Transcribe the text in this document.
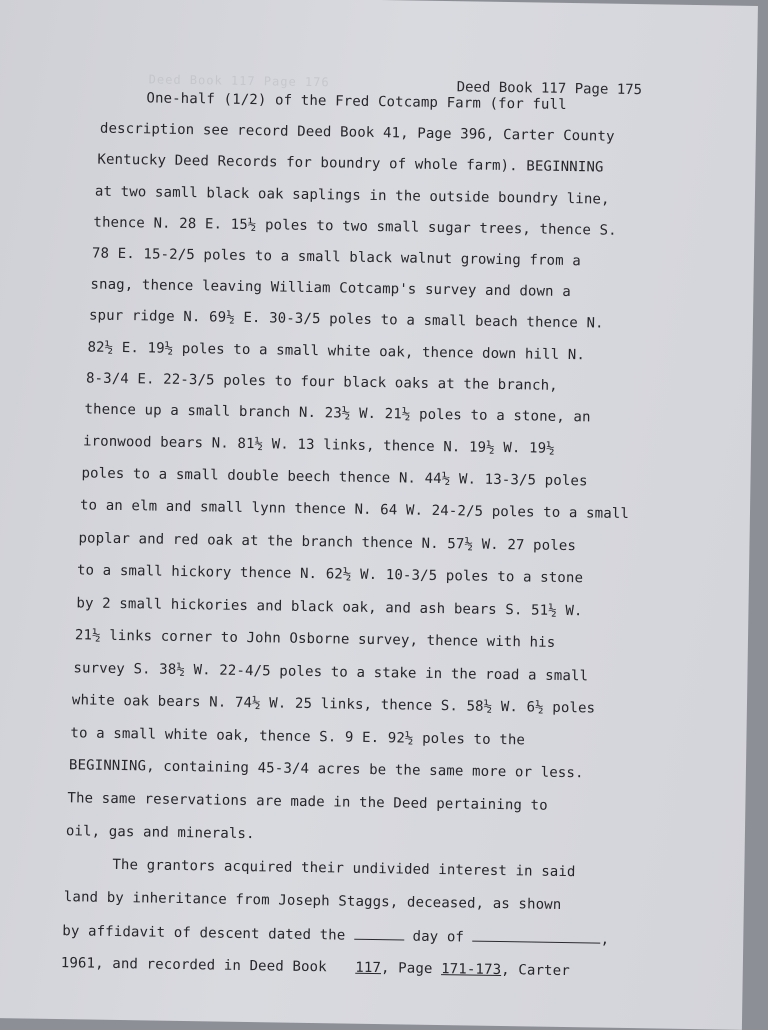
Deed Book 117 Page 176	Deed Book 117 Page 175
One-half (1/2) of the Fred Cotcamp Farm (for full
description see record Deed Book 41, Page 396, Carter County
Kentucky Deed Records for boundry of whole farm). BEGINNING
at two samll black oak saplings in the outside boundry line,
thence N. 28 E. 15½ poles to two small sugar trees, thence S.
78 E. 15-2/5 poles to a small black walnut growing from a
snag, thence leaving William Cotcamp's survey and down a
spur ridge N. 69½ E. 30-3/5 poles to a small beach thence N.
82½ E. 19½ poles to a small white oak, thence down hill N.
8-3/4 E. 22-3/5 poles to four black oaks at the branch,
thence up a small branch N. 23½ W. 21½ poles to a stone, an
ironwood bears N. 81½ W. 13 links, thence N. 19½ W. 19½
poles to a small double beech thence N. 44½ W. 13-3/5 poles
to an elm and small lynn thence N. 64 W. 24-2/5 poles to a small
poplar and red oak at the branch thence N. 57½ W. 27 poles
to a small hickory thence N. 62½ W. 10-3/5 poles to a stone
by 2 small hickories and black oak, and ash bears S. 51½ W.
21½ links corner to John Osborne survey, thence with his
survey S. 38½ W. 22-4/5 poles to a stake in the road a small
white oak bears N. 74½ W. 25 links, thence S. 58½ W. 6½ poles
to a small white oak, thence S. 9 E. 92½ poles to the
BEGINNING, containing 45-3/4 acres be the same more or less.
The same reservations are made in the Deed pertaining to
oil, gas and minerals.
The grantors acquired their undivided interest in said
land by inheritance from Joseph Staggs, deceased, as shown
by affidavit of descent dated the	day of	,
1961, and recorded in Deed Book 117, Page 171-173, Carter
